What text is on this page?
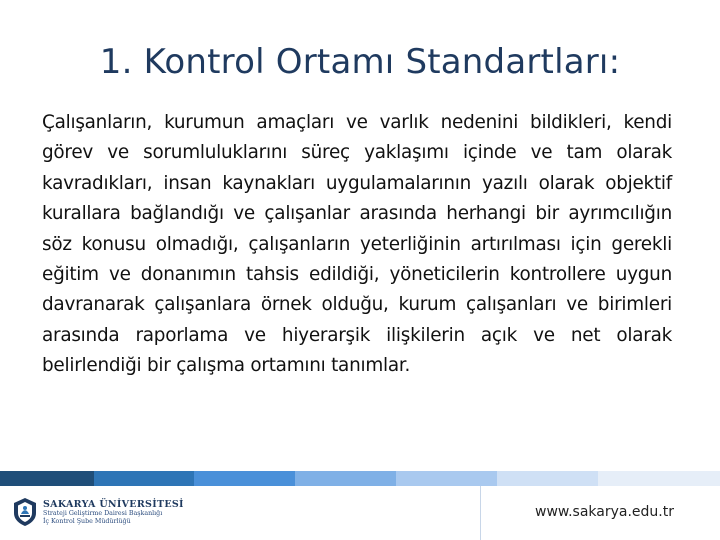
1. Kontrol Ortamı Standartları:
Çalışanların, kurumun amaçları ve varlık nedenini bildikleri, kendi görev ve sorumluluklarını süreç yaklaşımı içinde ve tam olarak kavradıkları, insan kaynakları uygulamalarının yazılı olarak objektif kurallara bağlandığı ve çalışanlar arasında herhangi bir ayrımcılığın söz konusu olmadığı, çalışanların yeterliğinin artırılması için gerekli eğitim ve donanımın tahsis edildiği, yöneticilerin kontrollere uygun davranarak çalışanlara örnek olduğu, kurum çalışanları ve birimleri arasında raporlama ve hiyerarşik ilişkilerin açık ve net olarak belirlendiği bir çalışma ortamını tanımlar.
SAKARYA ÜNİVERSİTESİ
Strateji Geliştirme Dairesi Başkanlığı
İç Kontrol Şube Müdürlüğü
www.sakarya.edu.tr
